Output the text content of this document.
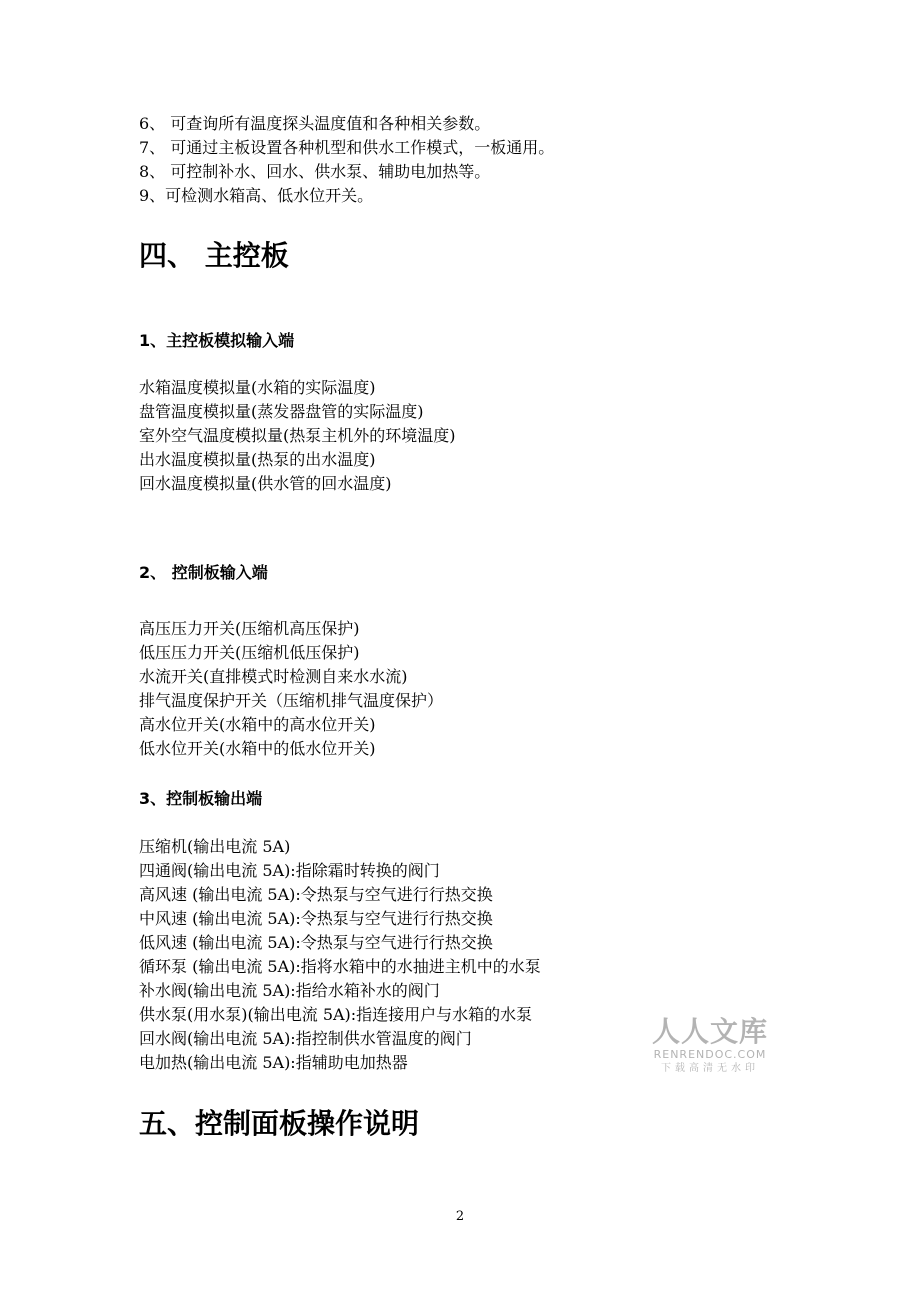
6、 可查询所有温度探头温度值和各种相关参数。
7、 可通过主板设置各种机型和供水工作模式，一板通用。
8、 可控制补水、回水、供水泵、辅助电加热等。
9、可检测水箱高、低水位开关。
四、 主控板
1、主控板模拟输入端
水箱温度模拟量(水箱的实际温度)
盘管温度模拟量(蒸发器盘管的实际温度)
室外空气温度模拟量(热泵主机外的环境温度)
出水温度模拟量(热泵的出水温度)
回水温度模拟量(供水管的回水温度)
2、 控制板输入端
高压压力开关(压缩机高压保护)
低压压力开关(压缩机低压保护)
水流开关(直排模式时检测自来水水流)
排气温度保护开关（压缩机排气温度保护）
高水位开关(水箱中的高水位开关)
低水位开关(水箱中的低水位开关)
3、控制板输出端
压缩机(输出电流 5A)
四通阀(输出电流 5A):指除霜时转换的阀门
高风速 (输出电流 5A):令热泵与空气进行行热交换
中风速 (输出电流 5A):令热泵与空气进行行热交换
低风速 (输出电流 5A):令热泵与空气进行行热交换
循环泵 (输出电流 5A):指将水箱中的水抽进主机中的水泵
补水阀(输出电流 5A):指给水箱补水的阀门
供水泵(用水泵)(输出电流 5A):指连接用户与水箱的水泵
回水阀(输出电流 5A):指控制供水管温度的阀门
电加热(输出电流 5A):指辅助电加热器
五、控制面板操作说明
人人文库
RENRENDOC.COM
下载高清无水印
2
